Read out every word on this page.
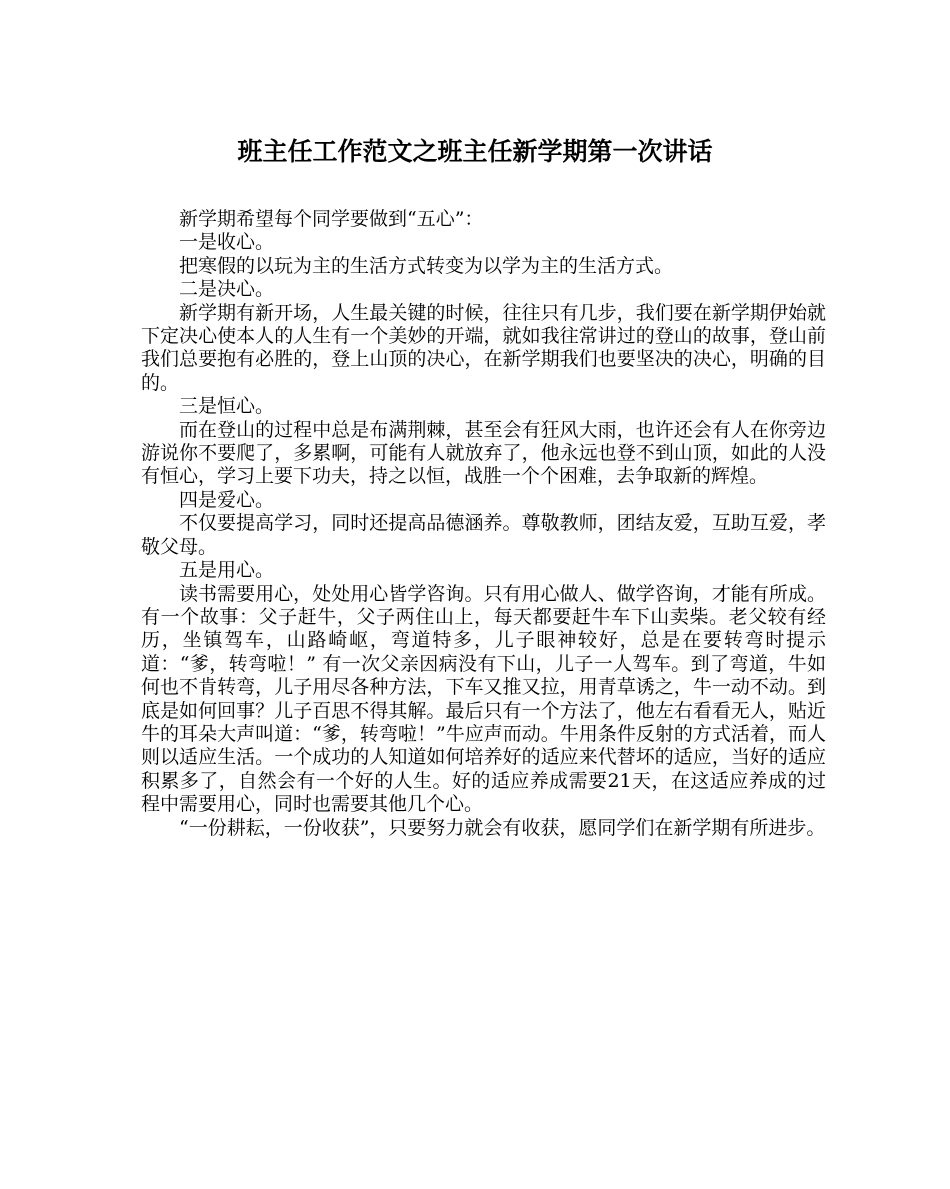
班主任工作范文之班主任新学期第一次讲话

新学期希望每个同学要做到“五心”：

一是收心。

把寒假的以玩为主的生活方式转变为以学为主的生活方式。

二是决心。

新学期有新开场，人生最关键的时候，往往只有几步，我们要在新学期伊始就下定决心使本人的人生有一个美妙的开端，就如我往常讲过的登山的故事，登山前我们总要抱有必胜的，登上山顶的决心，在新学期我们也要坚决的决心，明确的目的。

三是恒心。

而在登山的过程中总是布满荆棘，甚至会有狂风大雨，也许还会有人在你旁边游说你不要爬了，多累啊，可能有人就放弃了，他永远也登不到山顶，如此的人没有恒心，学习上要下功夫，持之以恒，战胜一个个困难，去争取新的辉煌。

四是爱心。

不仅要提高学习，同时还提高品德涵养。尊敬教师，团结友爱，互助互爱，孝敬父母。

五是用心。

读书需要用心，处处用心皆学咨询。只有用心做人、做学咨询，才能有所成。有一个故事：父子赶牛，父子两住山上，每天都要赶牛车下山卖柴。老父较有经历，坐镇驾车，山路崎岖，弯道特多，儿子眼神较好，总是在要转弯时提示道：“爹，转弯啦！” 有一次父亲因病没有下山，儿子一人驾车。到了弯道，牛如何也不肯转弯，儿子用尽各种方法，下车又推又拉，用青草诱之，牛一动不动。到底是如何回事？儿子百思不得其解。最后只有一个方法了，他左右看看无人，贴近牛的耳朵大声叫道：“爹，转弯啦！”牛应声而动。牛用条件反射的方式活着，而人则以适应生活。一个成功的人知道如何培养好的适应来代替坏的适应，当好的适应积累多了，自然会有一个好的人生。好的适应养成需要21天，在这适应养成的过程中需要用心，同时也需要其他几个心。

“一份耕耘，一份收获”，只要努力就会有收获，愿同学们在新学期有所进步。
